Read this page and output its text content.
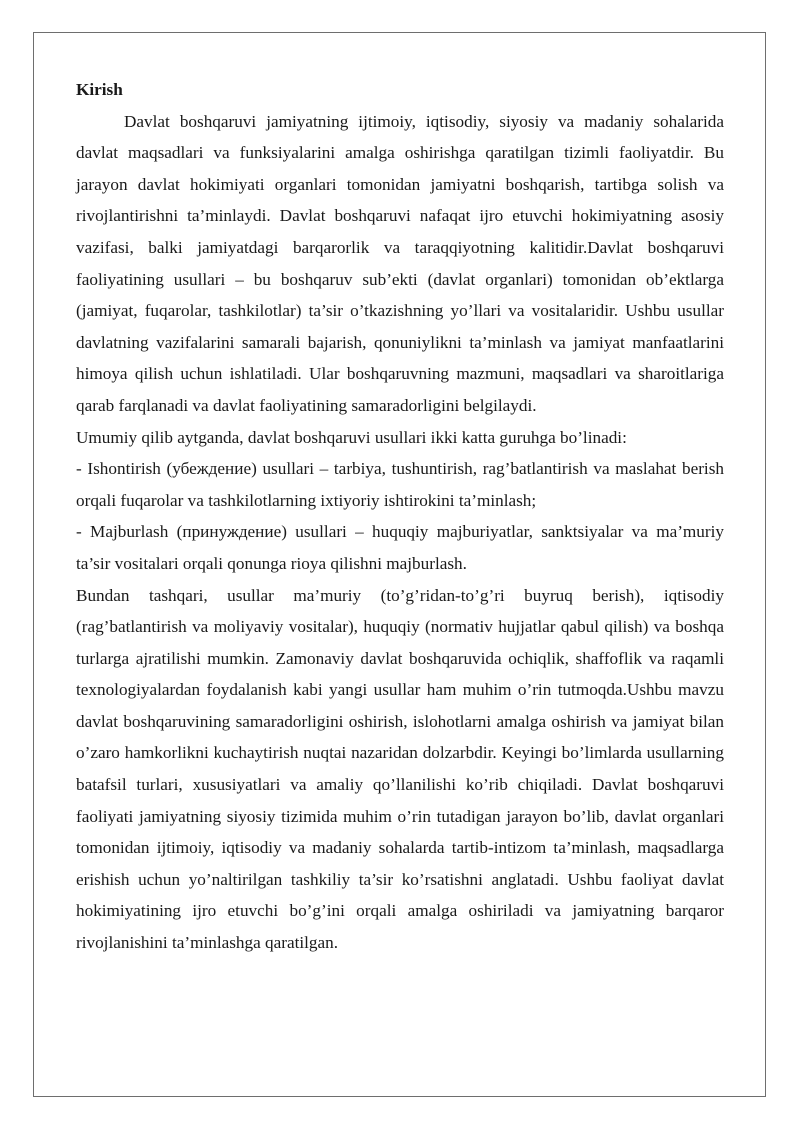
Kirish

Davlat boshqaruvi jamiyatning ijtimoiy, iqtisodiy, siyosiy va madaniy sohalarida davlat maqsadlari va funksiyalarini amalga oshirishga qaratilgan tizimli faoliyatdir. Bu jarayon davlat hokimiyati organlari tomonidan jamiyatni boshqarish, tartibga solish va rivojlantirishni ta’minlaydi. Davlat boshqaruvi nafaqat ijro etuvchi hokimiyatning asosiy vazifasi, balki jamiyatdagi barqarorlik va taraqqiyotning kalitidir.Davlat boshqaruvi faoliyatining usullari – bu boshqaruv sub’ekti (davlat organlari) tomonidan ob’ektlarga (jamiyat, fuqarolar, tashkilotlar) ta’sir o’tkazishning yo’llari va vositalaridir. Ushbu usullar davlatning vazifalarini samarali bajarish, qonuniylikni ta’minlash va jamiyat manfaatlarini himoya qilish uchun ishlatiladi. Ular boshqaruvning mazmuni, maqsadlari va sharoitlariga qarab farqlanadi va davlat faoliyatining samaradorligini belgilaydi.

Umumiy qilib aytganda, davlat boshqaruvi usullari ikki katta guruhga bo’linadi:

- Ishontirish (убеждение) usullari – tarbiya, tushuntirish, rag’batlantirish va maslahat berish orqali fuqarolar va tashkilotlarning ixtiyoriy ishtirokini ta’minlash;

- Majburlash (принуждение) usullari – huquqiy majburiyatlar, sanktsiyalar va ma’muriy ta’sir vositalari orqali qonunga rioya qilishni majburlash.

Bundan tashqari, usullar ma’muriy (to’g’ridan-to’g’ri buyruq berish), iqtisodiy (rag’batlantirish va moliyaviy vositalar), huquqiy (normativ hujjatlar qabul qilish) va boshqa turlarga ajratilishi mumkin. Zamonaviy davlat boshqaruvida ochiqlik, shaffoflik va raqamli texnologiyalardan foydalanish kabi yangi usullar ham muhim o’rin tutmoqda.Ushbu mavzu davlat boshqaruvining samaradorligini oshirish, islohotlarni amalga oshirish va jamiyat bilan o’zaro hamkorlikni kuchaytirish nuqtai nazaridan dolzarbdir. Keyingi bo’limlarda usullarning batafsil turlari, xususiyatlari va amaliy qo’llanilishi ko’rib chiqiladi. Davlat boshqaruvi faoliyati jamiyatning siyosiy tizimida muhim o’rin tutadigan jarayon bo’lib, davlat organlari tomonidan ijtimoiy, iqtisodiy va madaniy sohalarda tartib-intizom ta’minlash, maqsadlarga erishish uchun yo’naltirilgan tashkiliy ta’sir ko’rsatishni anglatadi. Ushbu faoliyat davlat hokimiyatining ijro etuvchi bo’g’ini orqali amalga oshiriladi va jamiyatning barqaror rivojlanishini ta’minlashga qaratilgan.
